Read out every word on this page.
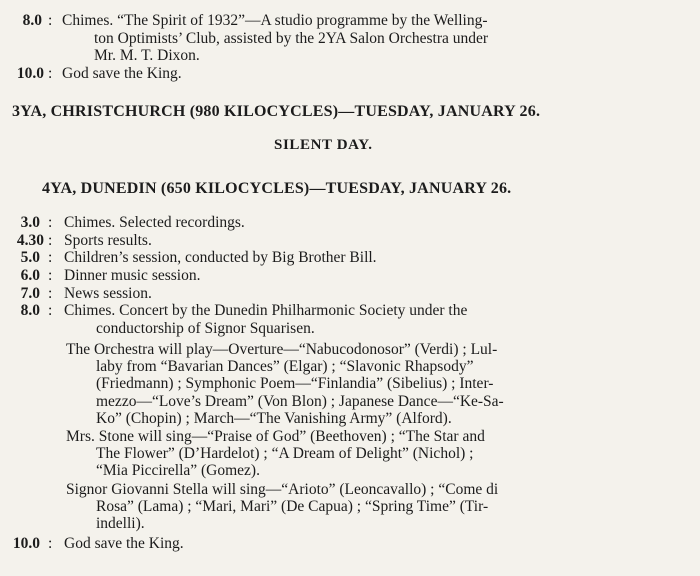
8.0 : Chimes. “The Spirit of 1932”—A studio programme by the Welling-
ton Optimists’ Club, assisted by the 2YA Salon Orchestra under
Mr. M. T. Dixon.
10.0 : God save the King.
3YA, CHRISTCHURCH (980 KILOCYCLES)—TUESDAY, JANUARY 26.
SILENT DAY.
4YA, DUNEDIN (650 KILOCYCLES)—TUESDAY, JANUARY 26.
3.0 : Chimes. Selected recordings.
4.30 : Sports results.
5.0 : Children’s session, conducted by Big Brother Bill.
6.0 : Dinner music session.
7.0 : News session.
8.0 : Chimes. Concert by the Dunedin Philharmonic Society under the
conductorship of Signor Squarisen.
The Orchestra will play—Overture—“Nabucodonosor” (Verdi) ; Lul-
laby from “Bavarian Dances” (Elgar) ; “Slavonic Rhapsody”
(Friedmann) ; Symphonic Poem—“Finlandia” (Sibelius) ; Inter-
mezzo—“Love’s Dream” (Von Blon) ; Japanese Dance—“Ke-Sa-
Ko” (Chopin) ; March—“The Vanishing Army” (Alford).
Mrs. Stone will sing—“Praise of God” (Beethoven) ; “The Star and
The Flower” (D’Hardelot) ; “A Dream of Delight” (Nichol) ;
“Mia Piccirella” (Gomez).
Signor Giovanni Stella will sing—“Arioto” (Leoncavallo) ; “Come di
Rosa” (Lama) ; “Mari, Mari” (De Capua) ; “Spring Time” (Tir-
indelli).
10.0 : God save the King.
